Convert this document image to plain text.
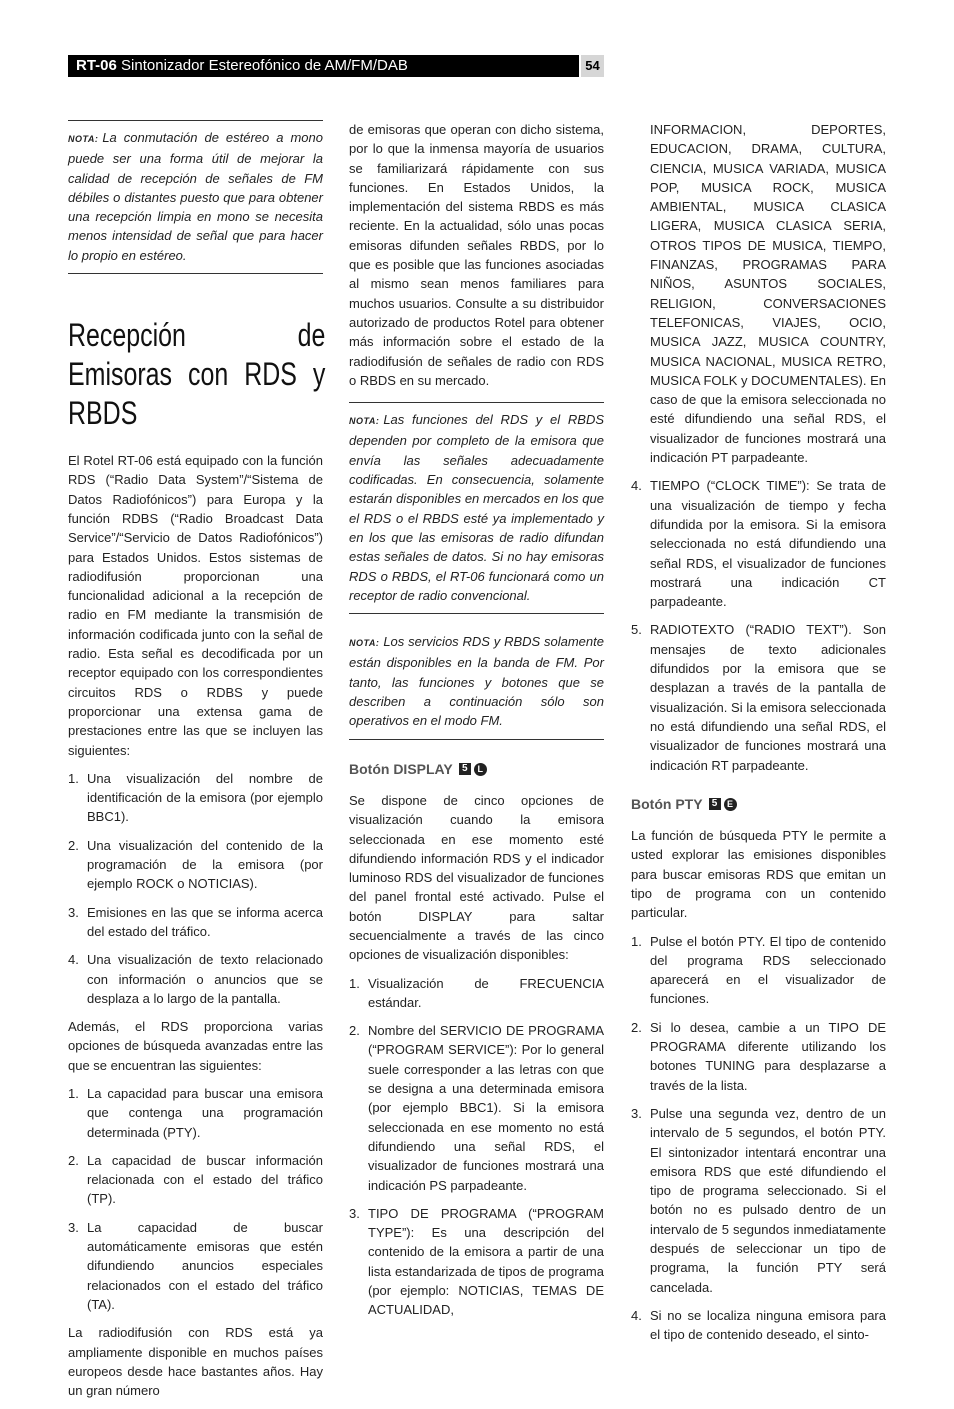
RT-06 Sintonizador Estereofónico de AM/FM/DAB	54
NOTA: La conmutación de estéreo a mono puede ser una forma útil de mejorar la calidad de recepción de señales de FM débiles o distantes puesto que para obtener una recepción limpia en mono se necesita menos intensidad de señal que para hacer lo propio en estéreo.
Recepción de Emisoras con RDS y RBDS

El Rotel RT-06 está equipado con la función RDS (“Radio Data System”/“Sistema de Datos Radiofónicos”) para Europa y la función RDBS (“Radio Broadcast Data Service”/“Servicio de Datos Radiofónicos”) para Estados Unidos. Estos sistemas de radiodifusión proporcionan una funcionalidad adicional a la recepción de radio en FM mediante la transmisión de información codificada junto con la señal de radio. Esta señal es decodificada por un receptor equipado con los correspondientes circuitos RDS o RDBS y puede proporcionar una extensa gama de prestaciones entre las que se incluyen las siguientes:

1. Una visualización del nombre de identificación de la emisora (por ejemplo BBC1).
2. Una visualización del contenido de la programación de la emisora (por ejemplo ROCK o NOTICIAS).
3. Emisiones en las que se informa acerca del estado del tráfico.
4. Una visualización de texto relacionado con información o anuncios que se desplaza a lo largo de la pantalla.

Además, el RDS proporciona varias opciones de búsqueda avanzadas entre las que se encuentran las siguientes:

1. La capacidad para buscar una emisora que contenga una programación determinada (PTY).
2. La capacidad de buscar información relacionada con el estado del tráfico (TP).
3. La capacidad de buscar automáticamente emisoras que estén difundiendo anuncios especiales relacionados con el estado del tráfico (TA).

La radiodifusión con RDS está ya ampliamente disponible en muchos países europeos desde hace bastantes años. Hay un gran número

de emisoras que operan con dicho sistema, por lo que la inmensa mayoría de usuarios se familiarizará rápidamente con sus funciones. En Estados Unidos, la implementación del sistema RBDS es más reciente. En la actualidad, sólo unas pocas emisoras difunden señales RBDS, por lo que es posible que las funciones asociadas al mismo sean menos familiares para muchos usuarios. Consulte a su distribuidor autorizado de productos Rotel para obtener más información sobre el estado de la radiodifusión de señales de radio con RDS o RBDS en su mercado.

NOTA: Las funciones del RDS y el RBDS dependen por completo de la emisora que envía las señales adecuadamente codificadas. En consecuencia, solamente estarán disponibles en mercados en los que el RDS o el RBDS esté ya implementado y en los que las emisoras de radio difundan estas señales de datos. Si no hay emisoras RDS o RBDS, el RT-06 funcionará como un receptor de radio convencional.
NOTA: Los servicios RDS y RBDS solamente están disponibles en la banda de FM. Por tanto, las funciones y botones que se describen a continuación sólo son operativos en el modo FM.
Botón DISPLAY 5	L

Se dispone de cinco opciones de visualización cuando la emisora seleccionada en ese momento esté difundiendo información RDS y el indicador luminoso RDS del visualizador de funciones del panel frontal esté activado. Pulse el botón DISPLAY para saltar secuencialmente a través de las cinco opciones de visualización disponibles:

1. Visualización de FRECUENCIA estándar.
2. Nombre del SERVICIO DE PROGRAMA (“PROGRAM SERVICE”): Por lo general suele corresponder a las letras con que se designa a una determinada emisora (por ejemplo BBC1). Si la emisora seleccionada en ese momento no está difundiendo una señal RDS, el visualizador de funciones mostrará una indicación PS parpadeante.
3. TIPO DE PROGRAMA (“PROGRAM TYPE”): Es una descripción del contenido de la emisora a partir de una lista estandarizada de tipos de programa (por ejemplo: NOTICIAS, TEMAS DE ACTUALIDAD,

INFORMACION, DEPORTES, EDUCACION, DRAMA, CULTURA, CIENCIA, MUSICA VARIADA, MUSICA POP, MUSICA ROCK, MUSICA AMBIENTAL, MUSICA CLASICA LIGERA, MUSICA CLASICA SERIA, OTROS TIPOS DE MUSICA, TIEMPO, FINANZAS, PROGRAMAS PARA NIÑOS, ASUNTOS SOCIALES, RELIGION, CONVERSACIONES TELEFONICAS, VIAJES, OCIO, MUSICA JAZZ, MUSICA COUNTRY, MUSICA NACIONAL, MUSICA RETRO, MUSICA FOLK y DOCUMENTALES). En caso de que la emisora seleccionada no esté difundiendo una señal RDS, el visualizador de funciones mostrará una indicación PT parpadeante.

4. TIEMPO (“CLOCK TIME”): Se trata de una visualización de tiempo y fecha difundida por la emisora. Si la emisora seleccionada no está difundiendo una señal RDS, el visualizador de funciones mostrará una indicación CT parpadeante.
5. RADIOTEXTO (“RADIO TEXT”). Son mensajes de texto adicionales difundidos por la emisora que se desplazan a través de la pantalla de visualización. Si la emisora seleccionada no está difundiendo una señal RDS, el visualizador de funciones mostrará una indicación RT parpadeante.
Botón PTY 5	E

La función de búsqueda PTY le permite a usted explorar las emisiones disponibles para buscar emisoras RDS que emitan un tipo de programa con un contenido particular.

1. Pulse el botón PTY. El tipo de contenido del programa RDS seleccionado aparecerá en el visualizador de funciones.
2. Si lo desea, cambie a un TIPO DE PROGRAMA diferente utilizando los botones TUNING para desplazarse a través de la lista.
3. Pulse una segunda vez, dentro de un intervalo de 5 segundos, el botón PTY. El sintonizador intentará encontrar una emisora RDS que esté difundiendo el tipo de programa seleccionado. Si el botón no es pulsado dentro de un intervalo de 5 segundos inmediatamente después de seleccionar un tipo de programa, la función PTY será cancelada.
4. Si no se localiza ninguna emisora para el tipo de contenido deseado, el sinto-
